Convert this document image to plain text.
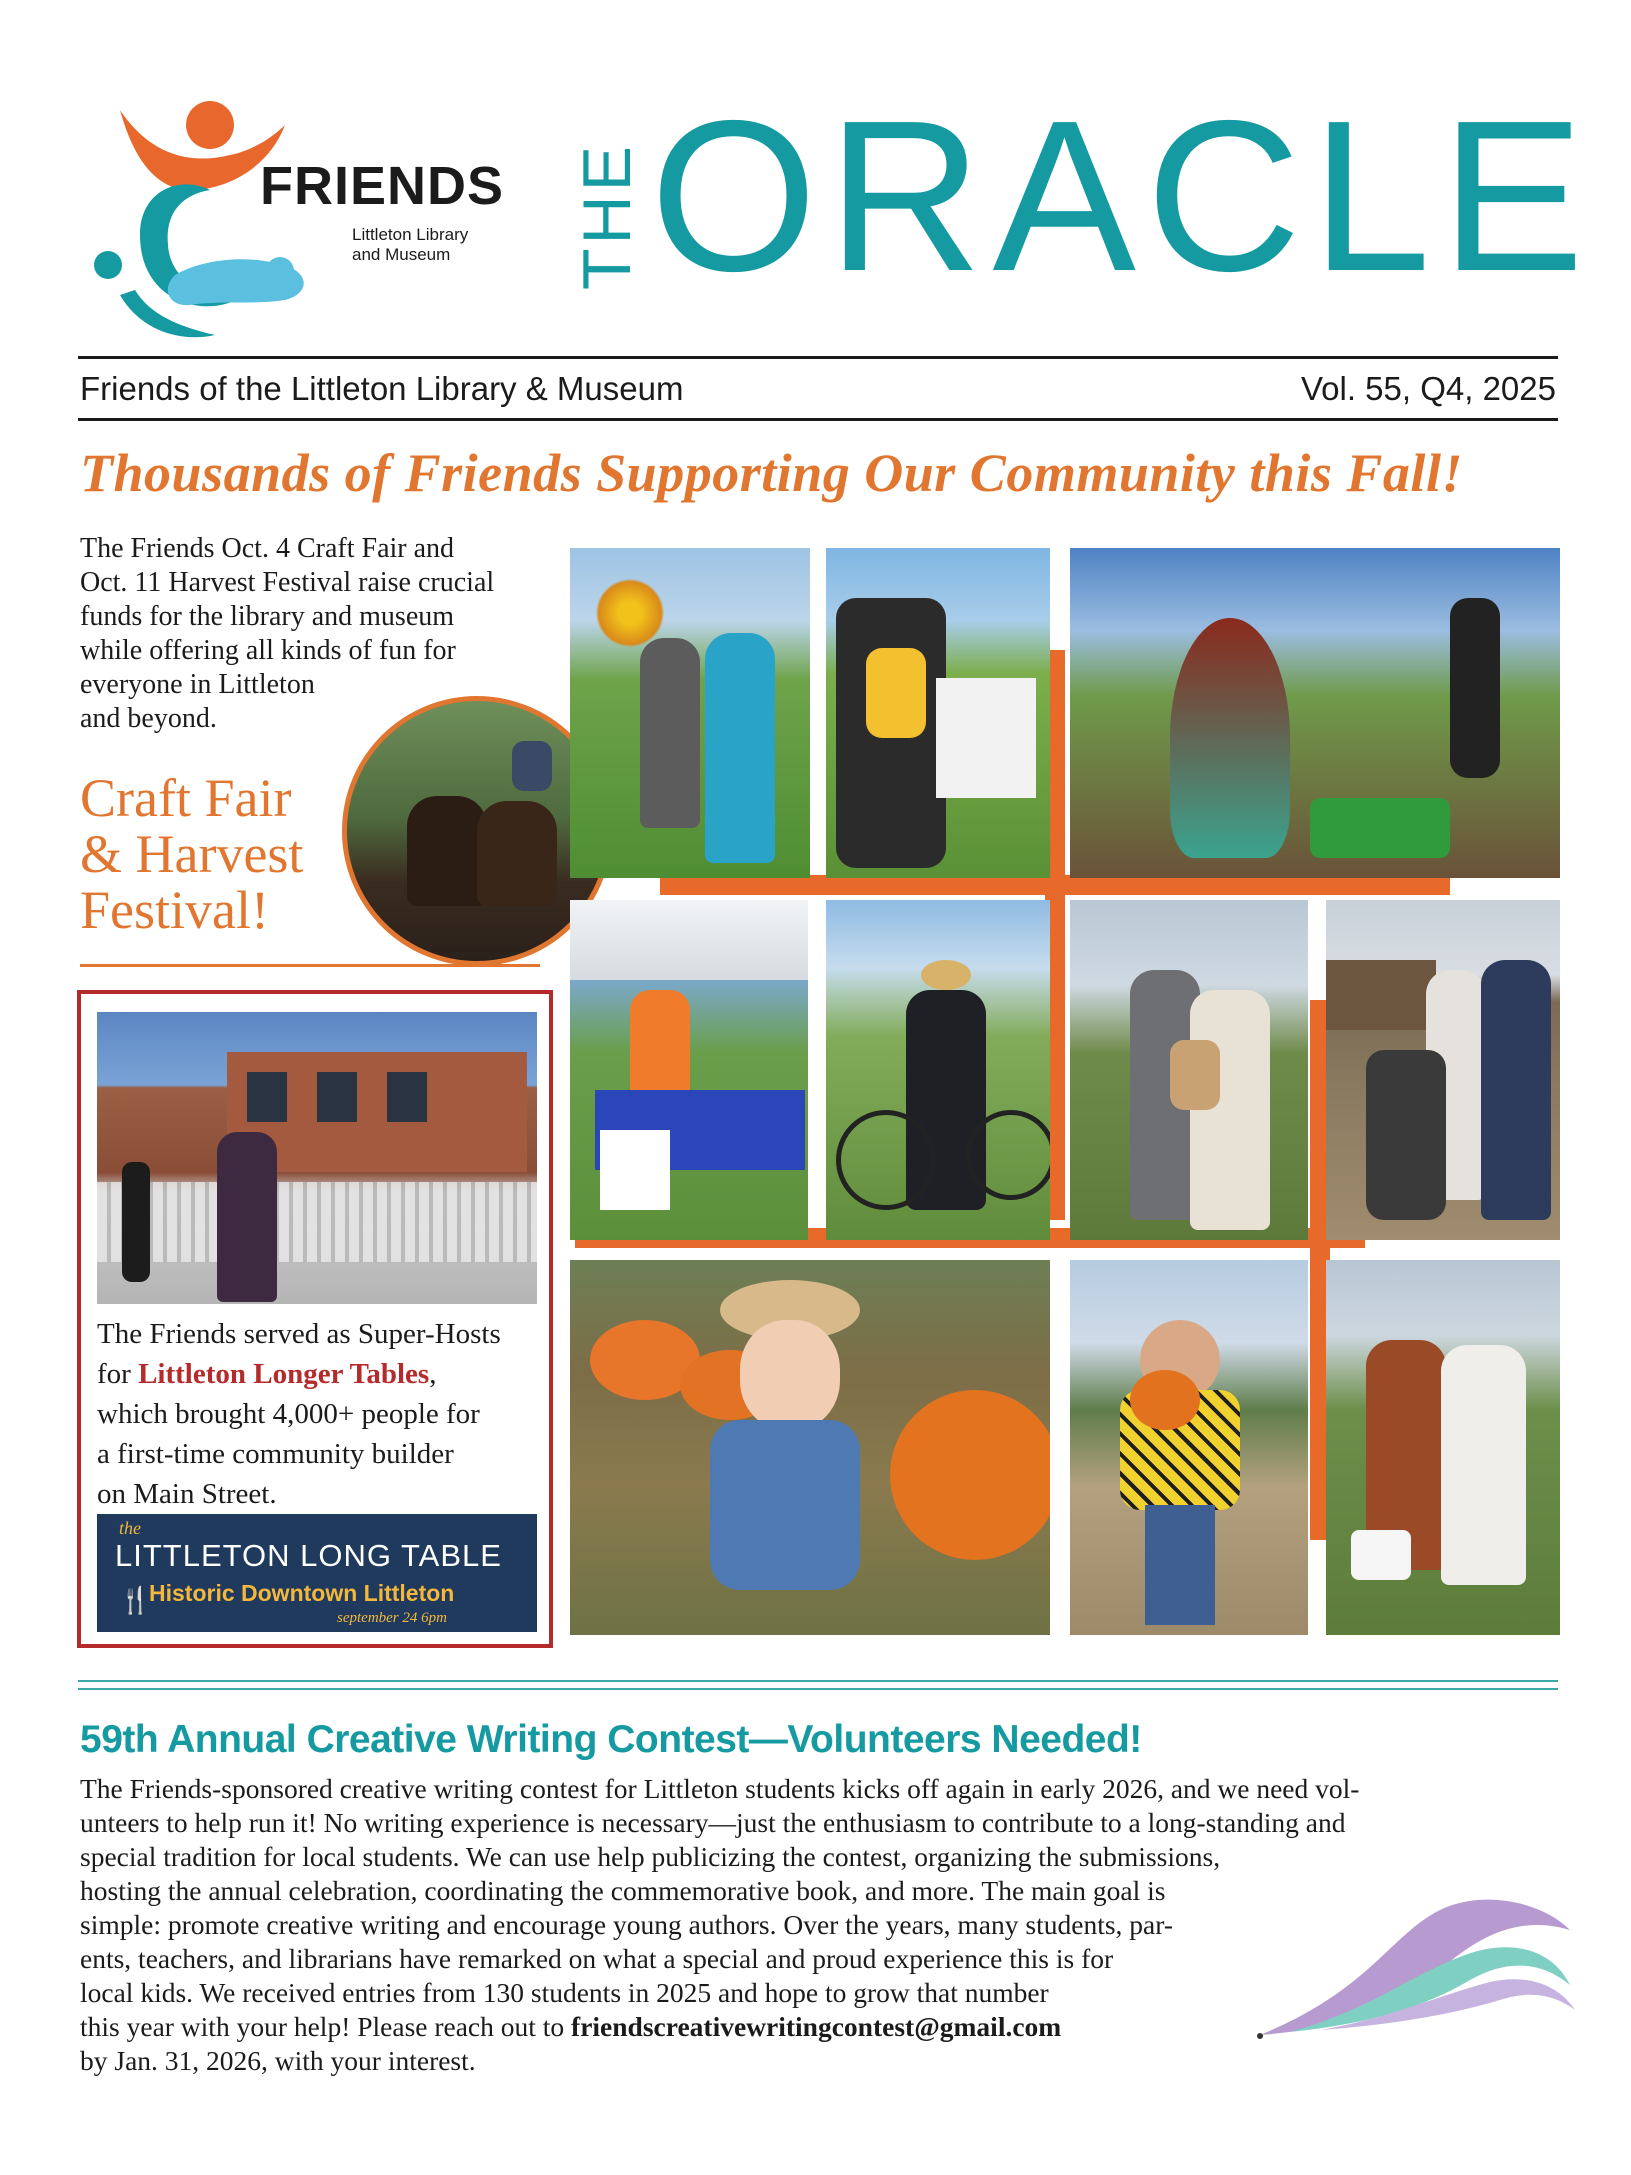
FRIENDS
Littleton Library
and Museum THE ORACLE
Friends of the Littleton Library & Museum	Vol. 55, Q4, 2025
Thousands of Friends Supporting Our Community this Fall!
The Friends Oct. 4 Craft Fair and
Oct. 11 Harvest Festival raise crucial
funds for the library and museum
while offering all kinds of fun for
everyone in Littleton
and beyond.
Craft Fair
& Harvest
Festival!
The Friends served as Super-Hosts
for Littleton Longer Tables,
which brought 4,000+ people for
a first-time community builder
on Main Street.
the
LITTLETON LONG TABLE
Historic Downtown Littleton
september 24 6pm
🍴
59th Annual Creative Writing Contest—Volunteers Needed!
The Friends-sponsored creative writing contest for Littleton students kicks off again in early 2026, and we need vol-
unteers to help run it! No writing experience is necessary—just the enthusiasm to contribute to a long-standing and
special tradition for local students. We can use help publicizing the contest, organizing the submissions,
hosting the annual celebration, coordinating the commemorative book, and more. The main goal is
simple: promote creative writing and encourage young authors. Over the years, many students, par-
ents, teachers, and librarians have remarked on what a special and proud experience this is for
local kids. We received entries from 130 students in 2025 and hope to grow that number
this year with your help! Please reach out to friendscreativewritingcontest@gmail.com
by Jan. 31, 2026, with your interest.
